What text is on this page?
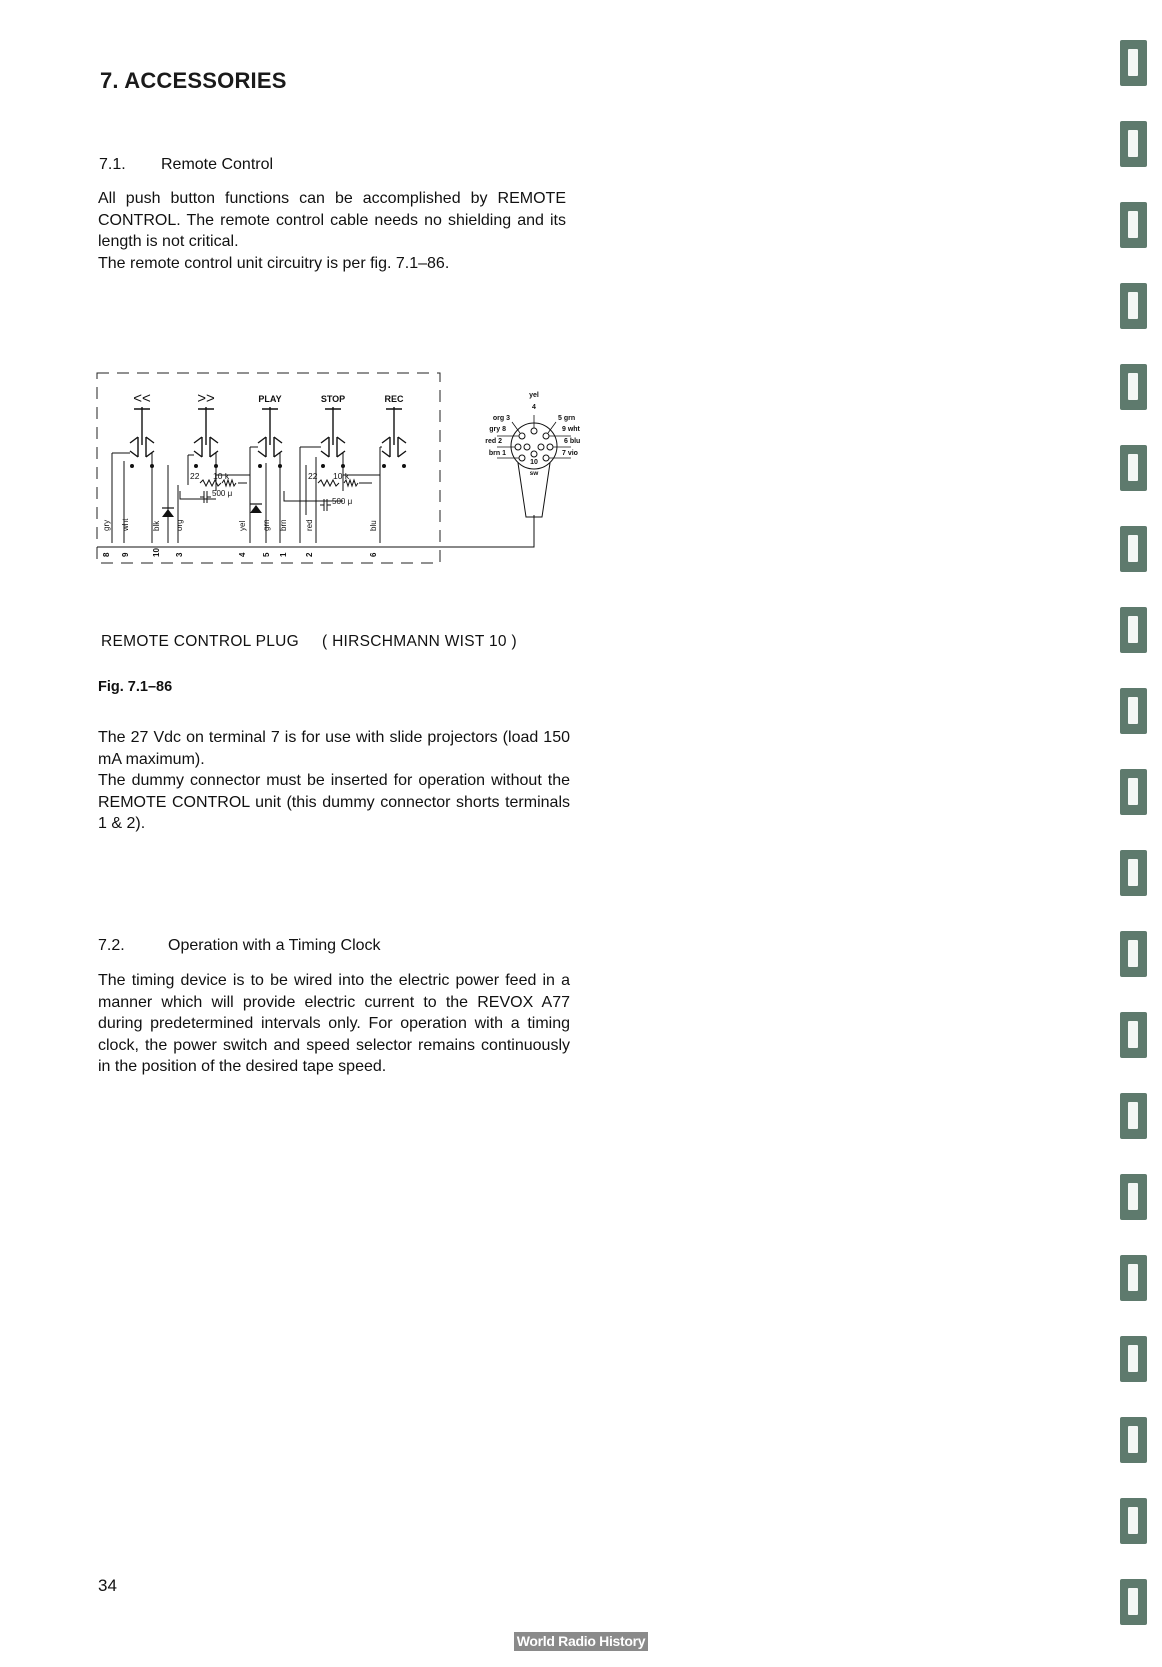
7. ACCESSORIES
7.1. Remote Control

All push button functions can be accomplished by REMOTE CONTROL. The remote control cable needs no shielding and its length is not critical.

The remote control unit circuitry is per fig. 7.1–86.

<<	>>	PLAY	STOP	REC
22 10 k	22 10 k
500 μ
500 μ
gry wht	blk org	yel grn brn red	blu
8 9	10 3	4 5 1 2	6
yel
4
org 3
gry 8
red 2
brn 1
5 grn
9 wht
6 blu
7 vio
10
sw
REMOTE CONTROL PLUG ( HIRSCHMANN WIST 10 )
Fig. 7.1–86

The 27 Vdc on terminal 7 is for use with slide projectors (load 150 mA maximum).

The dummy connector must be inserted for operation without the REMOTE CONTROL unit (this dummy connector shorts terminals 1 & 2).

7.2.	Operation with a Timing Clock

The timing device is to be wired into the electric power feed in a manner which will provide electric current to the REVOX A77 during predetermined intervals only. For operation with a timing clock, the power switch and speed selector remains continuously in the position of the desired tape speed.

34
World Radio History
